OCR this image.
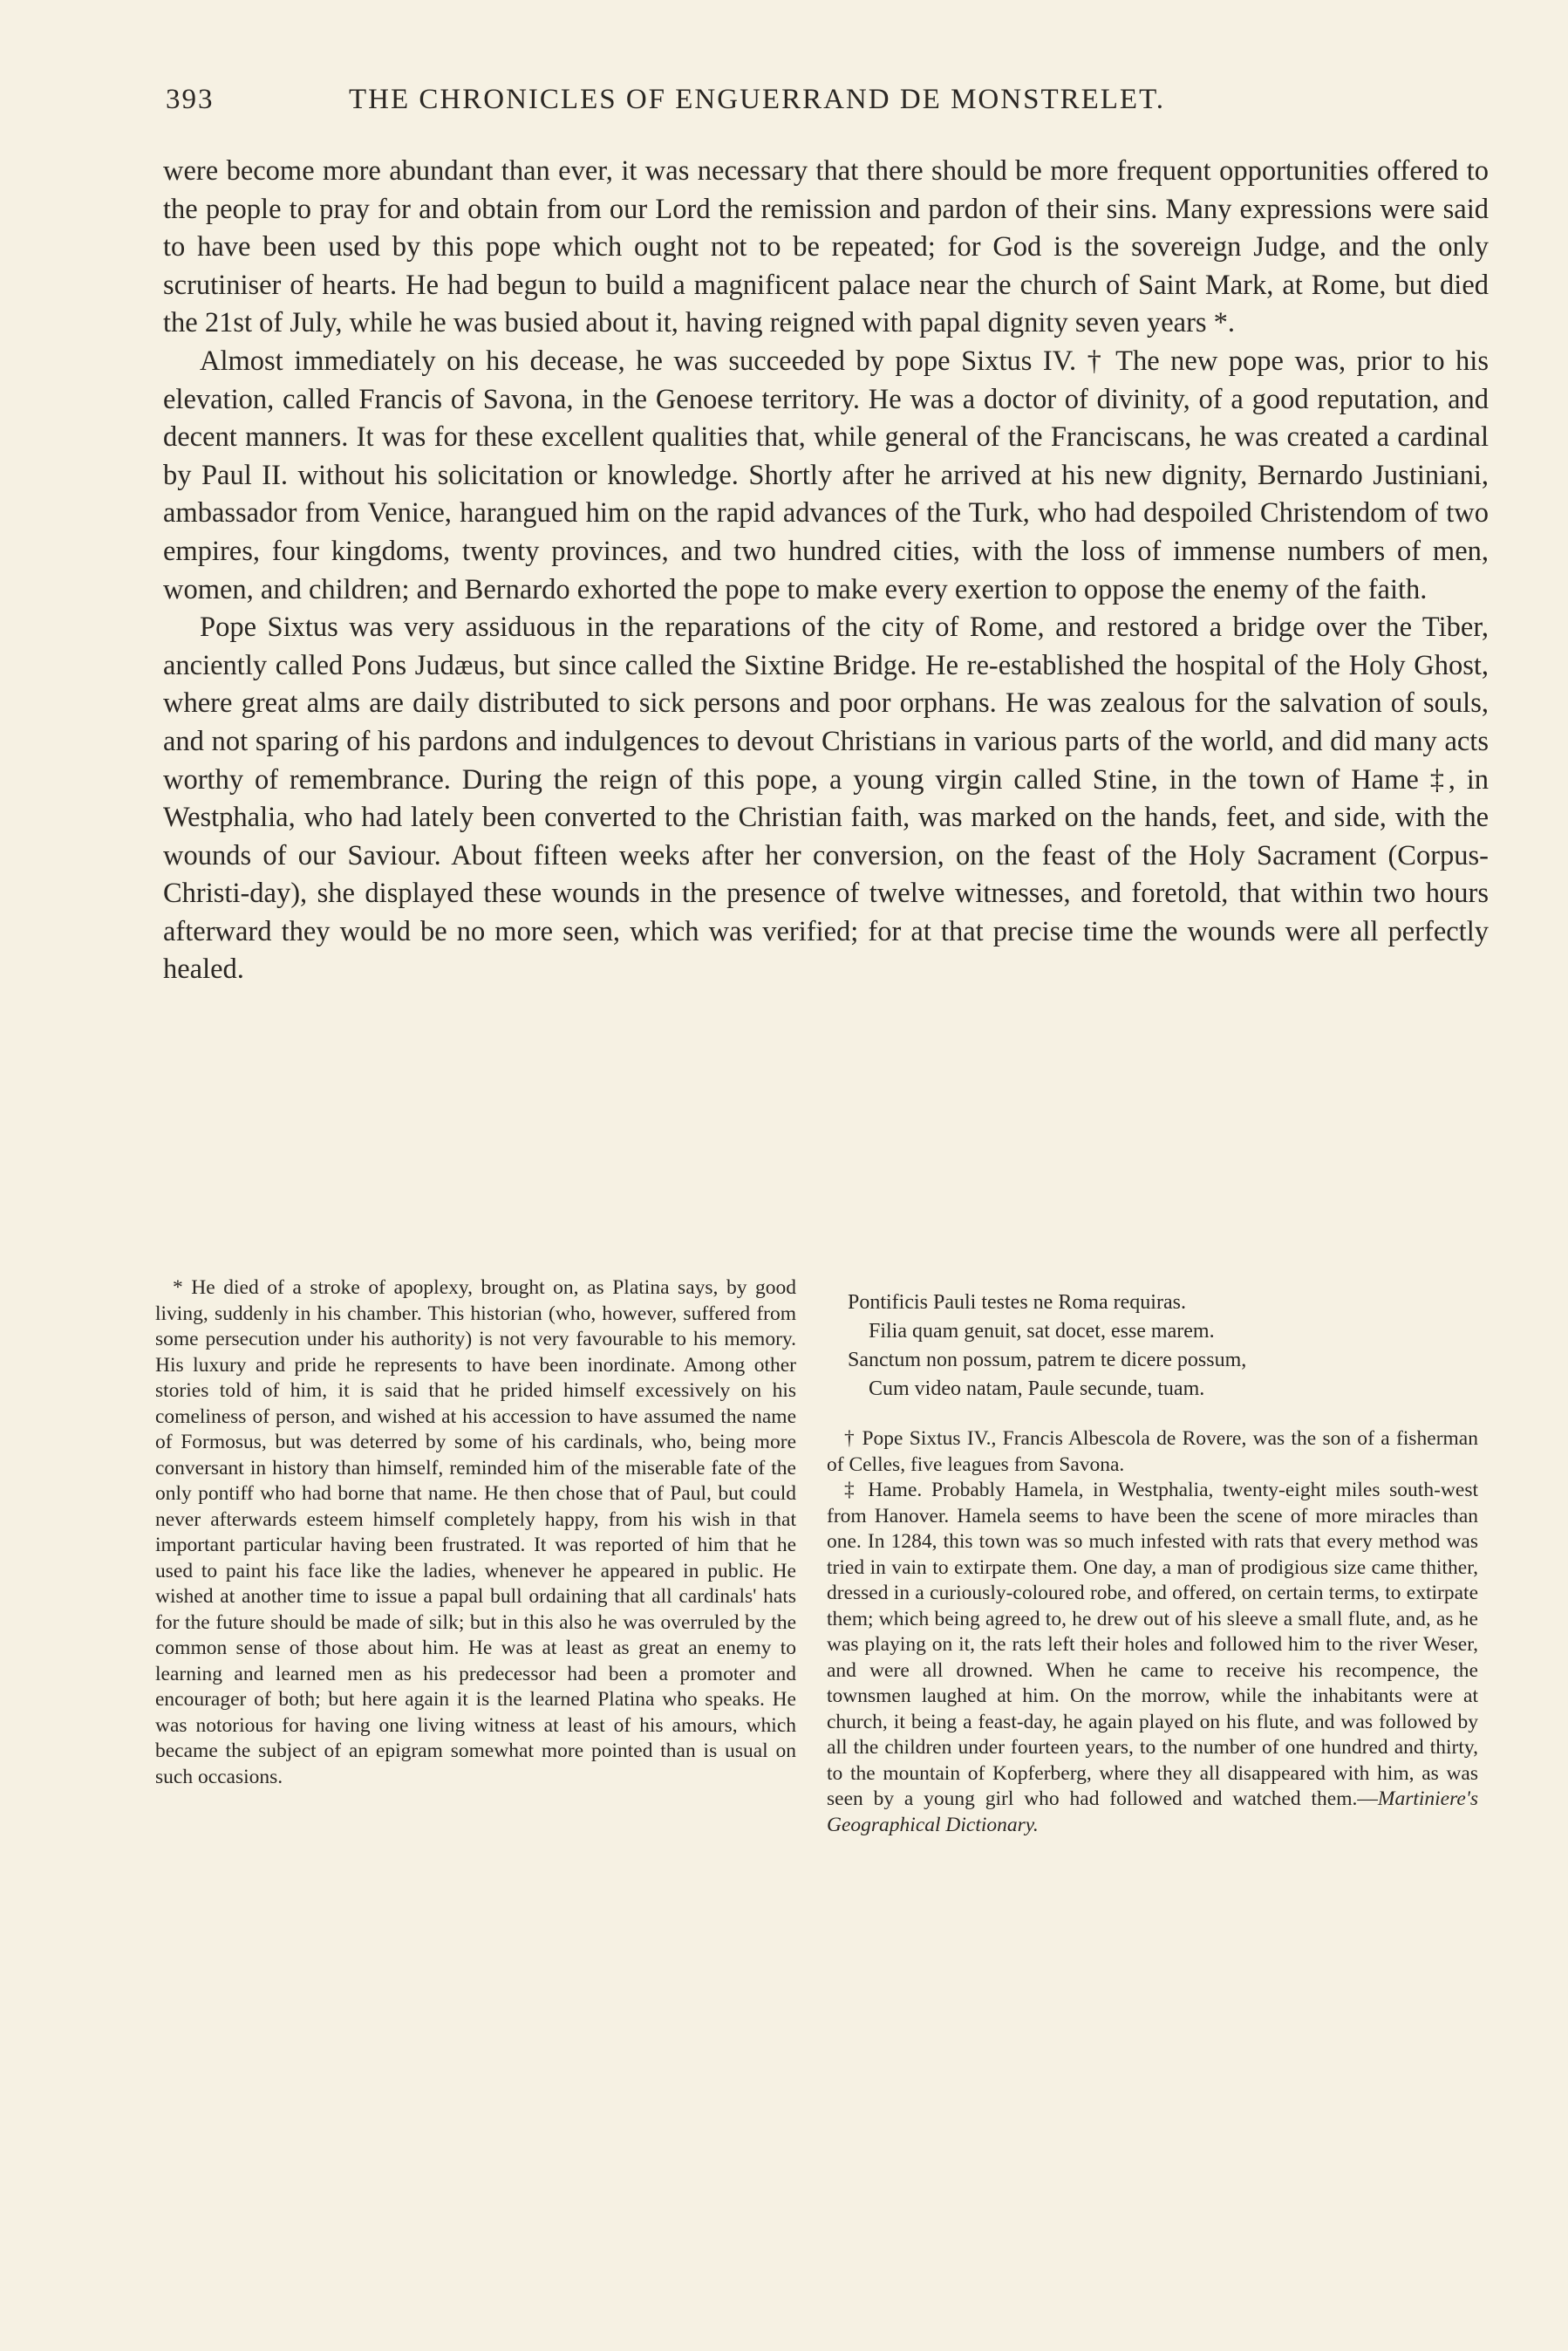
393	THE CHRONICLES OF ENGUERRAND DE MONSTRELET.

were become more abundant than ever, it was necessary that there should be more frequent opportunities offered to the people to pray for and obtain from our Lord the remission and pardon of their sins. Many expressions were said to have been used by this pope which ought not to be repeated; for God is the sovereign Judge, and the only scrutiniser of hearts. He had begun to build a magnificent palace near the church of Saint Mark, at Rome, but died the 21st of July, while he was busied about it, having reigned with papal dignity seven years *.

Almost immediately on his decease, he was succeeded by pope Sixtus IV. † The new pope was, prior to his elevation, called Francis of Savona, in the Genoese territory. He was a doctor of divinity, of a good reputation, and decent manners. It was for these excellent qualities that, while general of the Franciscans, he was created a cardinal by Paul II. without his solicitation or knowledge. Shortly after he arrived at his new dignity, Bernardo Justiniani, ambassador from Venice, harangued him on the rapid advances of the Turk, who had despoiled Christendom of two empires, four kingdoms, twenty provinces, and two hundred cities, with the loss of immense numbers of men, women, and children; and Bernardo exhorted the pope to make every exertion to oppose the enemy of the faith.

Pope Sixtus was very assiduous in the reparations of the city of Rome, and restored a bridge over the Tiber, anciently called Pons Judæus, but since called the Sixtine Bridge. He re-established the hospital of the Holy Ghost, where great alms are daily distributed to sick persons and poor orphans. He was zealous for the salvation of souls, and not sparing of his pardons and indulgences to devout Christians in various parts of the world, and did many acts worthy of remembrance. During the reign of this pope, a young virgin called Stine, in the town of Hame ‡, in Westphalia, who had lately been converted to the Christian faith, was marked on the hands, feet, and side, with the wounds of our Saviour. About fifteen weeks after her conversion, on the feast of the Holy Sacrament (Corpus-Christi-day), she displayed these wounds in the presence of twelve witnesses, and foretold, that within two hours afterward they would be no more seen, which was verified; for at that precise time the wounds were all perfectly healed.

* He died of a stroke of apoplexy, brought on, as Platina says, by good living, suddenly in his chamber. This historian (who, however, suffered from some persecution under his authority) is not very favourable to his memory. His luxury and pride he represents to have been inordinate. Among other stories told of him, it is said that he prided himself excessively on his comeliness of person, and wished at his accession to have assumed the name of Formosus, but was deterred by some of his cardinals, who, being more conversant in history than himself, reminded him of the miserable fate of the only pontiff who had borne that name. He then chose that of Paul, but could never afterwards esteem himself completely happy, from his wish in that important particular having been frustrated. It was reported of him that he used to paint his face like the ladies, whenever he appeared in public. He wished at another time to issue a papal bull ordaining that all cardinals' hats for the future should be made of silk; but in this also he was overruled by the common sense of those about him. He was at least as great an enemy to learning and learned men as his predecessor had been a promoter and encourager of both; but here again it is the learned Platina who speaks. He was notorious for having one living witness at least of his amours, which became the subject of an epigram somewhat more pointed than is usual on such occasions.

Pontificis Pauli testes ne Roma requiras.
Filia quam genuit, sat docet, esse marem.
Sanctum non possum, patrem te dicere possum,
Cum video natam, Paule secunde, tuam.

† Pope Sixtus IV., Francis Albescola de Rovere, was the son of a fisherman of Celles, five leagues from Savona.

‡ Hame. Probably Hamela, in Westphalia, twenty-eight miles south-west from Hanover. Hamela seems to have been the scene of more miracles than one. In 1284, this town was so much infested with rats that every method was tried in vain to extirpate them. One day, a man of prodigious size came thither, dressed in a curiously-coloured robe, and offered, on certain terms, to extirpate them; which being agreed to, he drew out of his sleeve a small flute, and, as he was playing on it, the rats left their holes and followed him to the river Weser, and were all drowned. When he came to receive his recompence, the townsmen laughed at him. On the morrow, while the inhabitants were at church, it being a feast-day, he again played on his flute, and was followed by all the children under fourteen years, to the number of one hundred and thirty, to the mountain of Kopferberg, where they all disappeared with him, as was seen by a young girl who had followed and watched them.—Martiniere's Geographical Dictionary.
